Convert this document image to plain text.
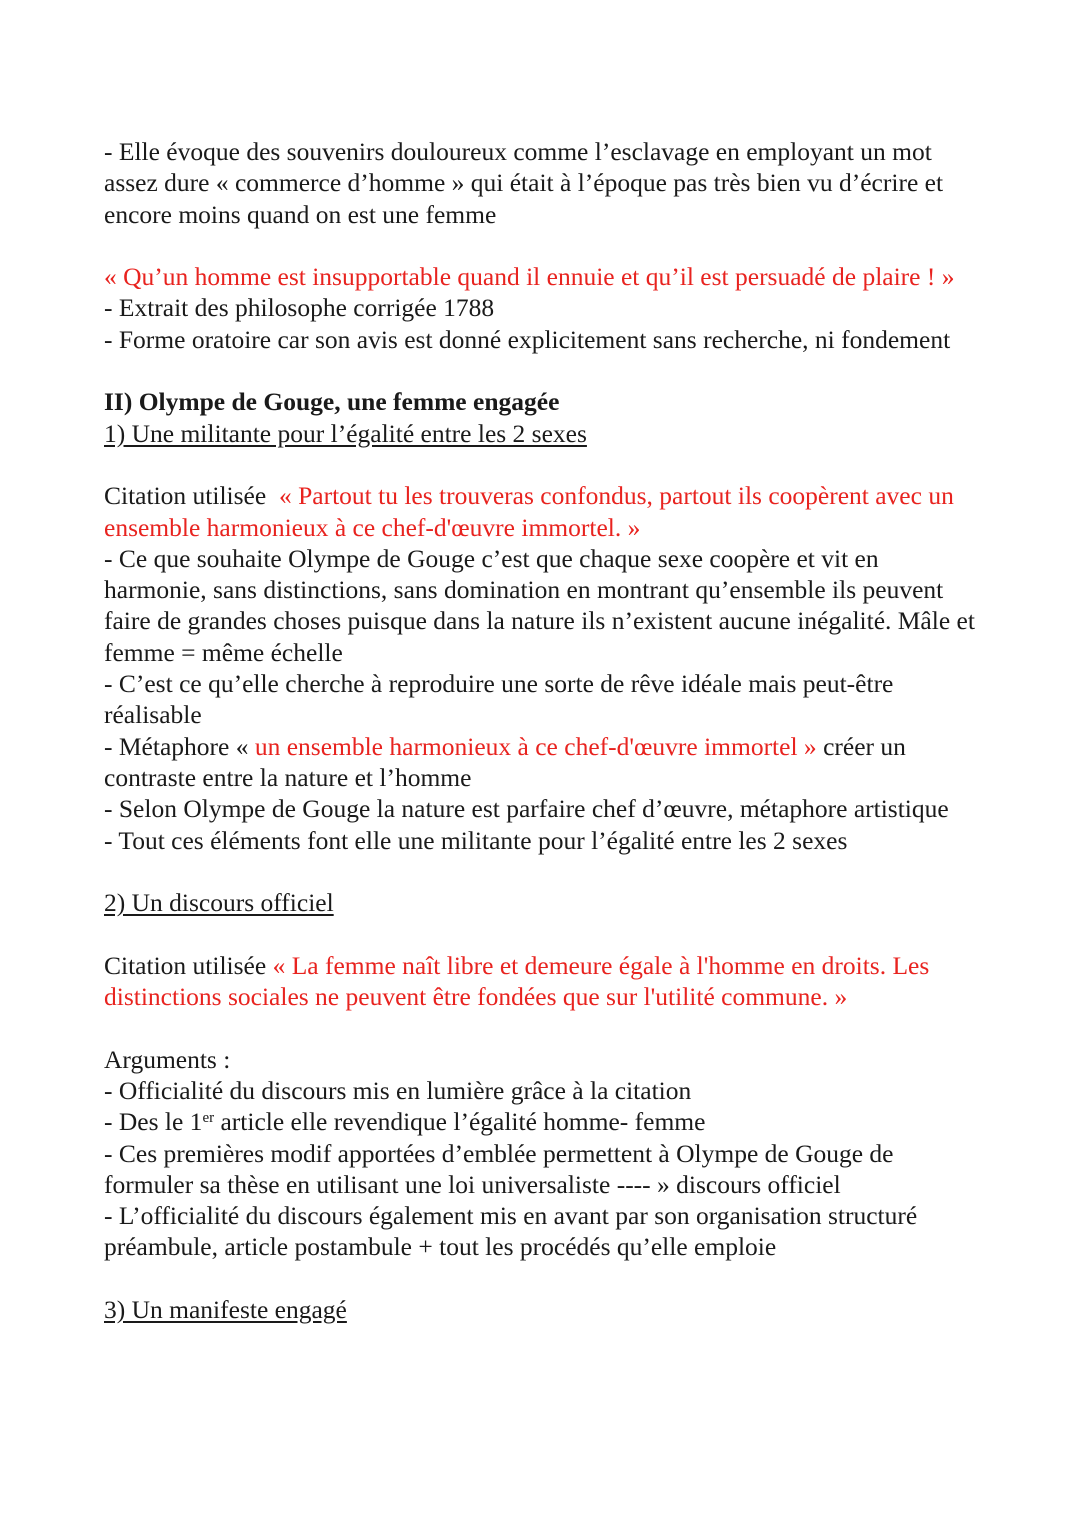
- Elle évoque des souvenirs douloureux comme l’esclavage en employant un mot assez dure « commerce d’homme » qui était à l’époque pas très bien vu d’écrire et encore moins quand on est une femme

« Qu’un homme est insupportable quand il ennuie et qu’il est persuadé de plaire ! »

- Extrait des philosophe corrigée 1788

- Forme oratoire car son avis est donné explicitement sans recherche, ni fondement

II) Olympe de Gouge, une femme engagée

1) Une militante pour l’égalité entre les 2 sexes

Citation utilisée « Partout tu les trouveras confondus, partout ils coopèrent avec un ensemble harmonieux à ce chef-d'œuvre immortel. »

- Ce que souhaite Olympe de Gouge c’est que chaque sexe coopère et vit en harmonie, sans distinctions, sans domination en montrant qu’ensemble ils peuvent faire de grandes choses puisque dans la nature ils n’existent aucune inégalité. Mâle et femme = même échelle

- C’est ce qu’elle cherche à reproduire une sorte de rêve idéale mais peut-être réalisable

- Métaphore « un ensemble harmonieux à ce chef-d'œuvre immortel » créer un contraste entre la nature et l’homme

- Selon Olympe de Gouge la nature est parfaire chef d’œuvre, métaphore artistique

- Tout ces éléments font elle une militante pour l’égalité entre les 2 sexes

2) Un discours officiel

Citation utilisée « La femme naît libre et demeure égale à l'homme en droits. Les distinctions sociales ne peuvent être fondées que sur l'utilité commune. »

Arguments :

- Officialité du discours mis en lumière grâce à la citation

- Des le 1er article elle revendique l’égalité homme- femme

- Ces premières modif apportées d’emblée permettent à Olympe de Gouge de formuler sa thèse en utilisant une loi universaliste ---- » discours officiel

- L’officialité du discours également mis en avant par son organisation structuré préambule, article postambule + tout les procédés qu’elle emploie

3) Un manifeste engagé
